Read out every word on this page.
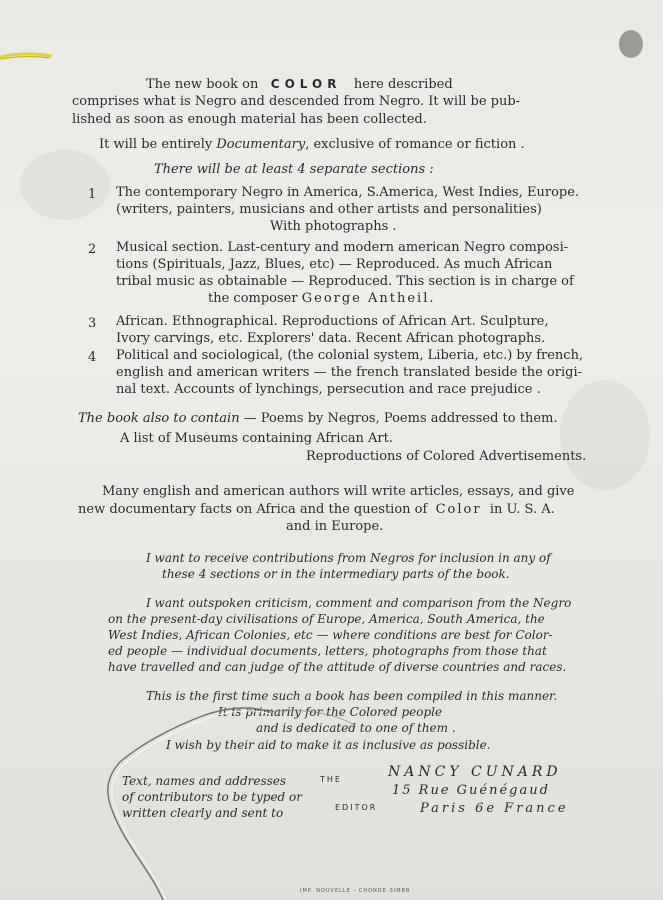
The new book on COLOR here described
comprises what is Negro and descended from Negro. It will be pub-
lished as soon as enough material has been collected.
It will be entirely Documentary, exclusive of romance or fiction .
There will be at least 4 separate sections :
1 The contemporary Negro in America, S.America, West Indies, Europe.
(writers, painters, musicians and other artists and personalities)
With photographs .
2 Musical section. Last-century and modern american Negro composi-
tions (Spirituals, Jazz, Blues, etc) — Reproduced. As much African
tribal music as obtainable — Reproduced. This section is in charge of
the composer George Antheil.
3 African. Ethnographical. Reproductions of African Art. Sculpture,
Ivory carvings, etc. Explorers' data. Recent African photographs.
4 Political and sociological, (the colonial system, Liberia, etc.) by french,
english and american writers — the french translated beside the origi-
nal text. Accounts of lynchings, persecution and race prejudice .
The book also to contain — Poems by Negros, Poems addressed to them.
A list of Museums containing African Art.
Reproductions of Colored Advertisements.
Many english and american authors will write articles, essays, and give
new documentary facts on Africa and the question of Color in U. S. A.
and in Europe.
I want to receive contributions from Negros for inclusion in any of
these 4 sections or in the intermediary parts of the book.
I want outspoken criticism, comment and comparison from the Negro
on the present-day civilisations of Europe, America, South America, the
West Indies, African Colonies, etc — where conditions are best for Color-
ed people — individual documents, letters, photographs from those that
have travelled and can judge of the attitude of diverse countries and races.
This is the first time such a book has been compiled in this manner.
It is primarily for the Colored people
and is dedicated to one of them .
I wish by their aid to make it as inclusive as possible.
Text, names and addresses
of contributors to be typed or
written clearly and sent to
THE
EDITOR
NANCY CUNARD
15 Rue Guénégaud
Paris 6e France
IMP. NOUVELLE - CHONDE-SIMBB
